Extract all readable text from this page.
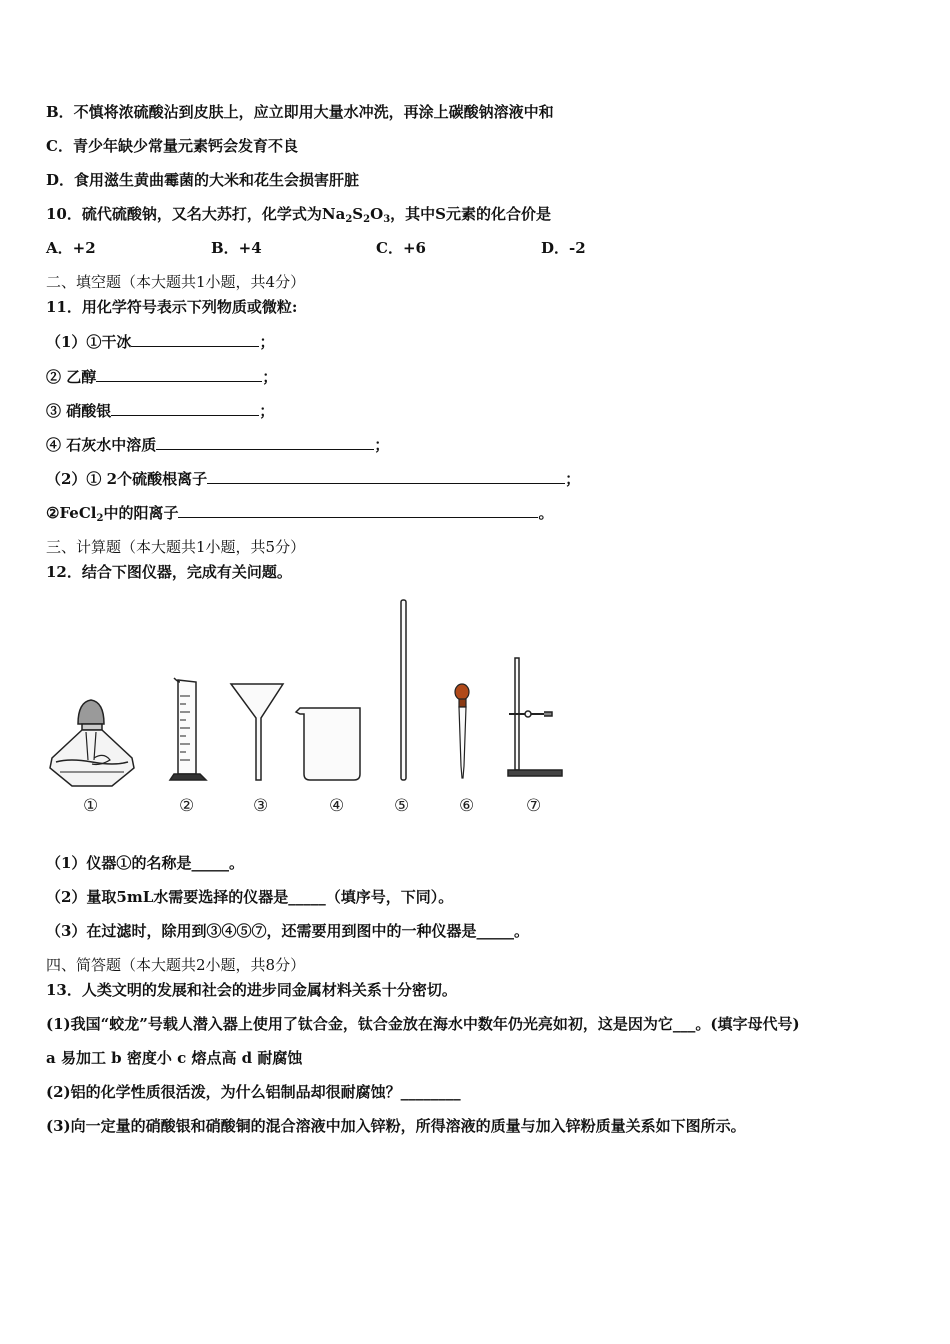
B．不慎将浓硫酸沾到皮肤上，应立即用大量水冲洗，再涂上碳酸钠溶液中和
C．青少年缺少常量元素钙会发育不良
D．食用滋生黄曲霉菌的大米和花生会损害肝脏
10．硫代硫酸钠，又名大苏打，化学式为$Na_2S_2O_3$，其中S元素的化合价是
A．+2	B．+4	C．+6	D．-2
二、填空题（本大题共1小题，共4分）
11．用化学符号表示下列物质或微粒:
（1）①干冰	；
② 乙醇	；
③ 硝酸银	；
④ 石灰水中溶质	；
（2）① 2个硫酸根离子	；
②FeCl$_2$中的阳离子	。
三、计算题（本大题共1小题，共5分）
12．结合下图仪器，完成有关问题。
①	②	③	④	⑤	⑥	⑦
（1）仪器①的名称是_____。
（2）量取5mL水需要选择的仪器是_____（填序号，下同）。
（3）在过滤时，除用到③④⑤⑦，还需要用到图中的一种仪器是_____。
四、简答题（本大题共2小题，共8分）
13．人类文明的发展和社会的进步同金属材料关系十分密切。
(1)我国“蛟龙”号载人潜入器上使用了钛合金，钛合金放在海水中数年仍光亮如初，这是因为它___。(填字母代号)
a 易加工 b 密度小 c 熔点高 d 耐腐蚀
(2)铝的化学性质很活泼，为什么铝制品却很耐腐蚀？________
(3)向一定量的硝酸银和硝酸铜的混合溶液中加入锌粉，所得溶液的质量与加入锌粉质量关系如下图所示。
